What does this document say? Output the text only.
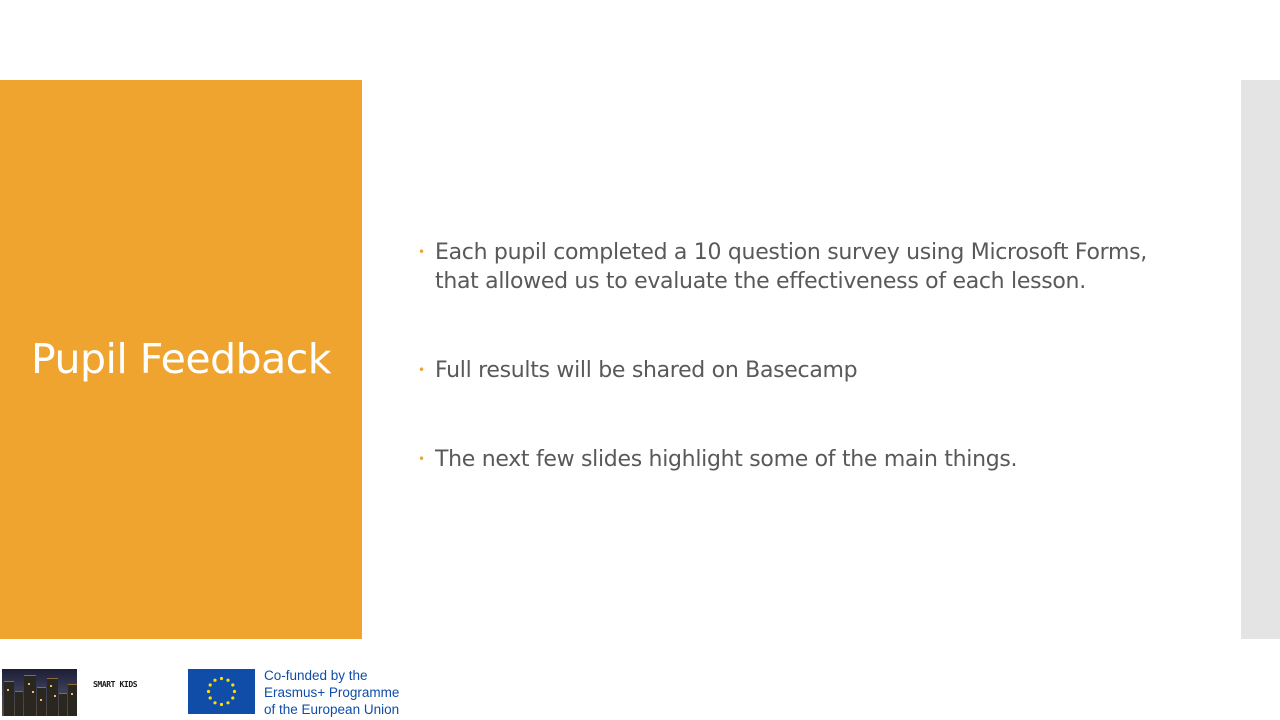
Pupil Feedback
• Each pupil completed a 10 question survey using Microsoft Forms,
that allowed us to evaluate the effectiveness of each lesson.
• Full results will be shared on Basecamp
• The next few slides highlight some of the main things.
SMART KIDS
Co-funded by the
Erasmus+ Programme
of the European Union
